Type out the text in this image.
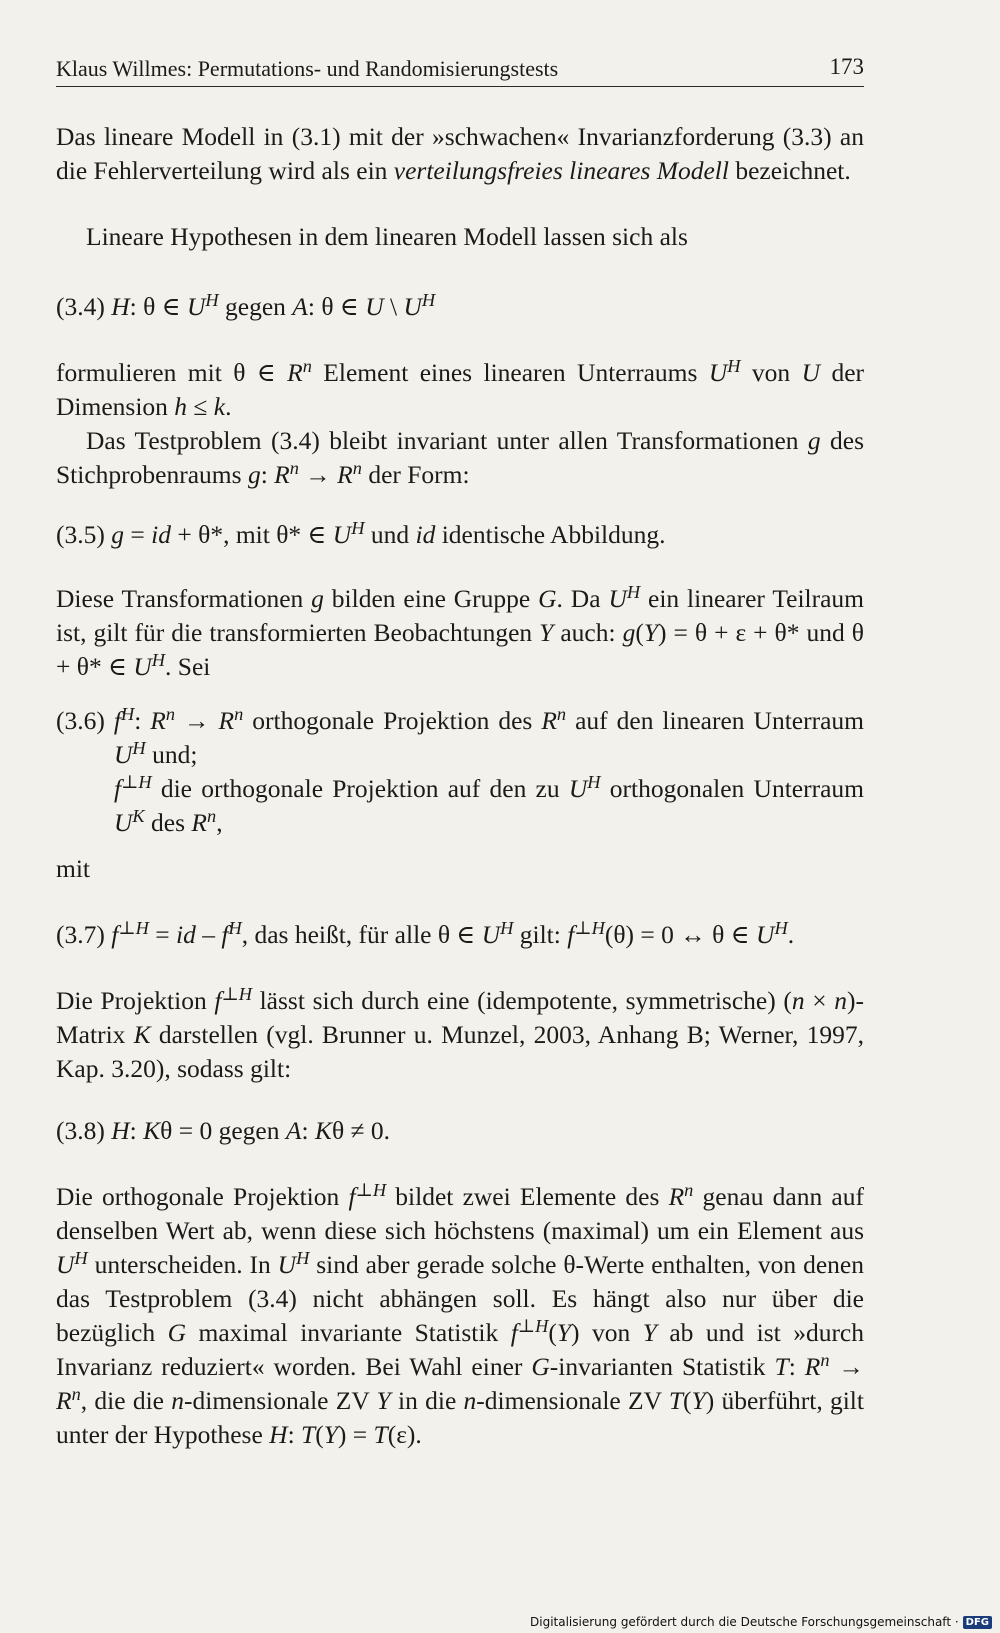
Klaus Willmes: Permutations- und Randomisierungstests	173
Das lineare Modell in (3.1) mit der »schwachen« Invarianzforderung (3.3) an die Fehlerverteilung wird als ein verteilungsfreies lineares Modell bezeichnet.
Lineare Hypothesen in dem linearen Modell lassen sich als
(3.4) H: θ ∈ $U^H$ gegen A: θ ∈ U \ $U^H$
formulieren mit θ ∈ $R^n$ Element eines linearen Unterraums $U^H$ von U der Dimension h ≤ k.
Das Testproblem (3.4) bleibt invariant unter allen Transformationen g des Stichprobenraums g: $R^n \to R^n$ der Form:
(3.5) g = id + θ*, mit θ* ∈ $U^H$ und id identische Abbildung.
Diese Transformationen g bilden eine Gruppe G. Da $U^H$ ein linearer Teilraum ist, gilt für die transformierten Beobachtungen Y auch: g(Y) = θ + ε + θ* und θ + θ* ∈ $U^H$. Sei
(3.6) $f^H$: $R^n \to R^n$ orthogonale Projektion des $R^n$ auf den linearen Unterraum $U^H$ und;
$f^{\perp H}$ die orthogonale Projektion auf den zu $U^H$ orthogonalen Unterraum $U^K$ des $R^n$,
mit
(3.7) $f^{\perp H}$ = id – $f^H$, das heißt, für alle θ ∈ $U^H$ gilt: $f^{\perp H}(\theta) = 0$ ↔ θ ∈ $U^H$.
Die Projektion $f^{\perp H}$ lässt sich durch eine (idempotente, symmetrische) (n × n)-Matrix K darstellen (vgl. Brunner u. Munzel, 2003, Anhang B; Werner, 1997, Kap. 3.20), sodass gilt:
(3.8) H: Kθ = 0 gegen A: Kθ ≠ 0.
Die orthogonale Projektion $f^{\perp H}$ bildet zwei Elemente des $R^n$ genau dann auf denselben Wert ab, wenn diese sich höchstens (maximal) um ein Element aus $U^H$ unterscheiden. In $U^H$ sind aber gerade solche θ-Werte enthalten, von denen das Testproblem (3.4) nicht abhängen soll. Es hängt also nur über die bezüglich G maximal invariante Statistik $f^{\perp H}(Y)$ von Y ab und ist »durch Invarianz reduziert« worden. Bei Wahl einer G-invarianten Statistik T: $R^n \to R^n$, die die n-dimensionale ZV Y in die n-dimensionale ZV T(Y) überführt, gilt unter der Hypothese H: T(Y) = T(ε).
Digitalisierung gefördert durch die Deutsche Forschungsgemeinschaft · DFG
